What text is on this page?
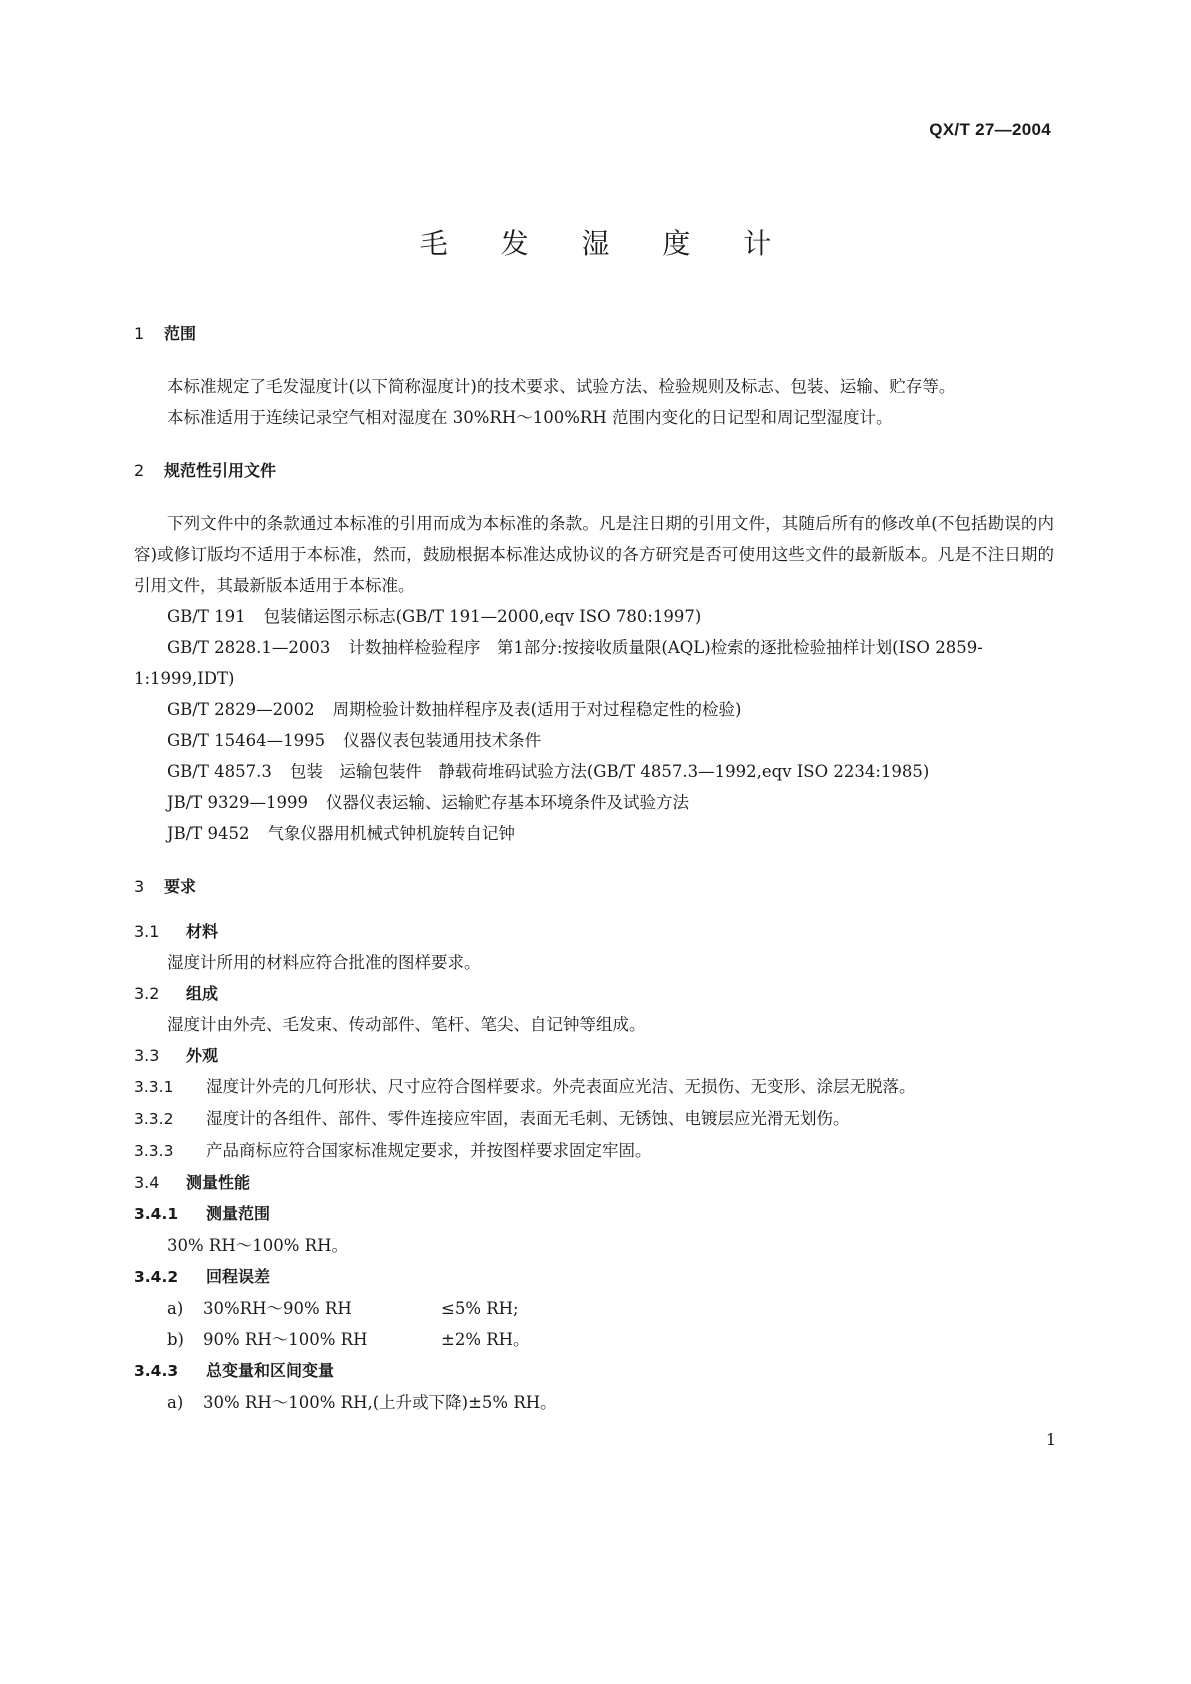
QX/T 27—2004
毛 发 湿 度 计
1 范围

本标准规定了毛发湿度计(以下简称湿度计)的技术要求、试验方法、检验规则及标志、包装、运输、贮存等。

本标准适用于连续记录空气相对湿度在 30%RH～100%RH 范围内变化的日记型和周记型湿度计。

2 规范性引用文件

下列文件中的条款通过本标准的引用而成为本标准的条款。凡是注日期的引用文件，其随后所有的修改单(不包括勘误的内容)或修订版均不适用于本标准，然而，鼓励根据本标准达成协议的各方研究是否可使用这些文件的最新版本。凡是不注日期的引用文件，其最新版本适用于本标准。

GB/T 191 包装储运图示标志(GB/T 191—2000,eqv ISO 780:1997)

GB/T 2828.1—2003 计数抽样检验程序　第1部分:按接收质量限(AQL)检索的逐批检验抽样计划(ISO 2859-1:1999,IDT)

GB/T 2829—2002 周期检验计数抽样程序及表(适用于对过程稳定性的检验)

GB/T 15464—1995 仪器仪表包装通用技术条件

GB/T 4857.3 包装　运输包装件　静载荷堆码试验方法(GB/T 4857.3—1992,eqv ISO 2234:1985)

JB/T 9329—1999 仪器仪表运输、运输贮存基本环境条件及试验方法

JB/T 9452 气象仪器用机械式钟机旋转自记钟

3 要求
3.1 材料

湿度计所用的材料应符合批准的图样要求。

3.2 组成

湿度计由外壳、毛发束、传动部件、笔杆、笔尖、自记钟等组成。

3.3 外观

3.3.1 湿度计外壳的几何形状、尺寸应符合图样要求。外壳表面应光洁、无损伤、无变形、涂层无脱落。

3.3.2 湿度计的各组件、部件、零件连接应牢固，表面无毛刺、无锈蚀、电镀层应光滑无划伤。

3.3.3 产品商标应符合国家标准规定要求，并按图样要求固定牢固。

3.4 测量性能
3.4.1 测量范围

30% RH～100% RH。

3.4.2 回程误差

a) 30%RH～90% RH	≤5% RH;

b) 90% RH～100% RH	±2% RH。

3.4.3 总变量和区间变量

a) 30% RH～100% RH,(上升或下降)±5% RH。

1
